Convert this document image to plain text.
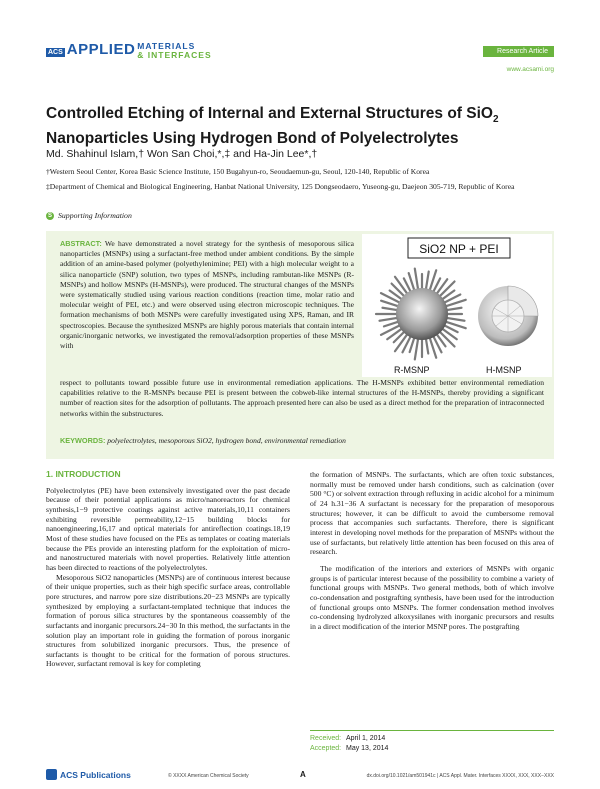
ACS APPLIED MATERIALS
& INTERFACES	Research Article
www.acsami.org
Controlled Etching of Internal and External Structures of SiO$_2$
Nanoparticles Using Hydrogen Bond of Polyelectrolytes
Md. Shahinul Islam,† Won San Choi,*,‡ and Ha-Jin Lee*,†
†Western Seoul Center, Korea Basic Science Institute, 150 Bugahyun-ro, Seoudaemun-gu, Seoul, 120-140, Republic of Korea
‡Department of Chemical and Biological Engineering, Hanbat National University, 125 Dongseodaero, Yuseong-gu, Daejeon 305-719, Republic of Korea
S Supporting Information
ABSTRACT: We have demonstrated a novel strategy for the synthesis of mesoporous silica nanoparticles (MSNPs) using a surfactant-free method under ambient conditions. By the simple addition of an amine-based polymer (polyethylenimine; PEI) with a high molecular weight to a silica nanoparticle (SNP) solution, two types of MSNPs, including rambutan-like MSNPs (R-MSNPs) and hollow MSNPs (H-MSNPs), were produced. The structural changes of the MSNPs were systematically studied using various reaction conditions (reaction time, molar ratio and molecular weight of PEI, etc.) and were observed using electron microscopic techniques. The formation mechanisms of both MSNPs were carefully investigated using XPS, Raman, and IR spectroscopies. Because the synthesized MSNPs are highly porous materials that contain internal organic/inorganic networks, we investigated the removal/adsorption properties of these MSNPs with
SiO2 NP + PEI
R-MSNP	H-MSNP
respect to pollutants toward possible future use in environmental remediation applications. The H-MSNPs exhibited better environmental remediation capabilities relative to the R-MSNPs because PEI is present between the cobweb-like internal structures of the H-MSNPs, thereby providing a significant number of reaction sites for the adsorption of pollutants. The approach presented here can also be used as a direct method for the preparation of intraconnected networks within the substructures.
KEYWORDS: polyelectrolytes, mesoporous SiO2, hydrogen bond, environmental remediation
1. INTRODUCTION

Polyelectrolytes (PE) have been extensively investigated over the past decade because of their potential applications as micro/nanoreactors for chemical synthesis,1−9 protective coatings against active materials,10,11 containers exhibiting reversible permeability,12−15 building blocks for nanoengineering,16,17 and optical materials for antireflection coatings.18,19 Most of these studies have focused on the PEs as templates or coating materials because the PEs provide an interesting platform for the exploitation of micro- and nanostructured materials with novel properties. Relatively little attention has been directed to reactions of the polyelectrolytes.

Mesoporous SiO2 nanoparticles (MSNPs) are of continuous interest because of their unique properties, such as their high specific surface areas, controllable pore structures, and narrow pore size distributions.20−23 MSNPs are typically synthesized by employing a surfactant-templated technique that induces the formation of porous silica structures by the spontaneous coassembly of the surfactants and inorganic precursors.24−30 In this method, the surfactants in the solution play an important role in guiding the formation of porous inorganic structures from solubilized inorganic precursors. Thus, the presence of surfactants is thought to be critical for the formation of porous structures. However, surfactant removal is key for completing

the formation of MSNPs. The surfactants, which are often toxic substances, normally must be removed under harsh conditions, such as calcination (over 500 °C) or solvent extraction through refluxing in acidic alcohol for a minimum of 24 h.31−36 A surfactant is necessary for the preparation of mesoporous structures; however, it can be difficult to avoid the cumbersome removal process that accompanies such surfactants. Therefore, there is significant interest in developing novel methods for the preparation of MSNPs without the use of surfactants, but relatively little attention has been focused on this area of research.

The modification of the interiors and exteriors of MSNPs with organic groups is of particular interest because of the possibility to combine a variety of functional groups with MSNPs. Two general methods, both of which involve co-condensation and postgrafting synthesis, have been used for the introduction of functional groups onto MSNPs. The former condensation method involves co-condensing hydrolyzed alkoxysilanes with inorganic precursors and results in a direct modification of the interior MSNP pores. The postgrafting

Received: April 1, 2014
Accepted: May 13, 2014
ACS Publications	© XXXX American Chemical Society	A	dx.doi.org/10.1021/am501941c | ACS Appl. Mater. Interfaces XXXX, XXX, XXX−XXX
